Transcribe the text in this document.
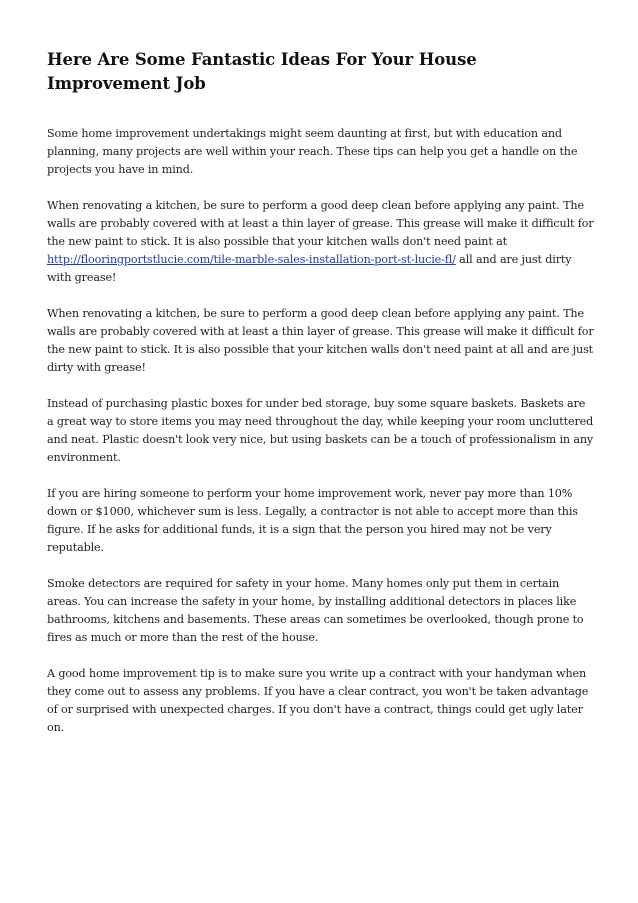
Here Are Some Fantastic Ideas For Your House Improvement Job

Some home improvement undertakings might seem daunting at first, but with education and planning, many projects are well within your reach. These tips can help you get a handle on the projects you have in mind.

When renovating a kitchen, be sure to perform a good deep clean before applying any paint. The walls are probably covered with at least a thin layer of grease. This grease will make it difficult for the new paint to stick. It is also possible that your kitchen walls don't need paint at http://flooringportstlucie.com/tile-marble-sales-installation-port-st-lucie-fl/ all and are just dirty with grease!

When renovating a kitchen, be sure to perform a good deep clean before applying any paint. The walls are probably covered with at least a thin layer of grease. This grease will make it difficult for the new paint to stick. It is also possible that your kitchen walls don't need paint at all and are just dirty with grease!

Instead of purchasing plastic boxes for under bed storage, buy some square baskets. Baskets are a great way to store items you may need throughout the day, while keeping your room uncluttered and neat. Plastic doesn't look very nice, but using baskets can be a touch of professionalism in any environment.

If you are hiring someone to perform your home improvement work, never pay more than 10% down or $1000, whichever sum is less. Legally, a contractor is not able to accept more than this figure. If he asks for additional funds, it is a sign that the person you hired may not be very reputable.

Smoke detectors are required for safety in your home. Many homes only put them in certain areas. You can increase the safety in your home, by installing additional detectors in places like bathrooms, kitchens and basements. These areas can sometimes be overlooked, though prone to fires as much or more than the rest of the house.

A good home improvement tip is to make sure you write up a contract with your handyman when they come out to assess any problems. If you have a clear contract, you won't be taken advantage of or surprised with unexpected charges. If you don't have a contract, things could get ugly later on.
